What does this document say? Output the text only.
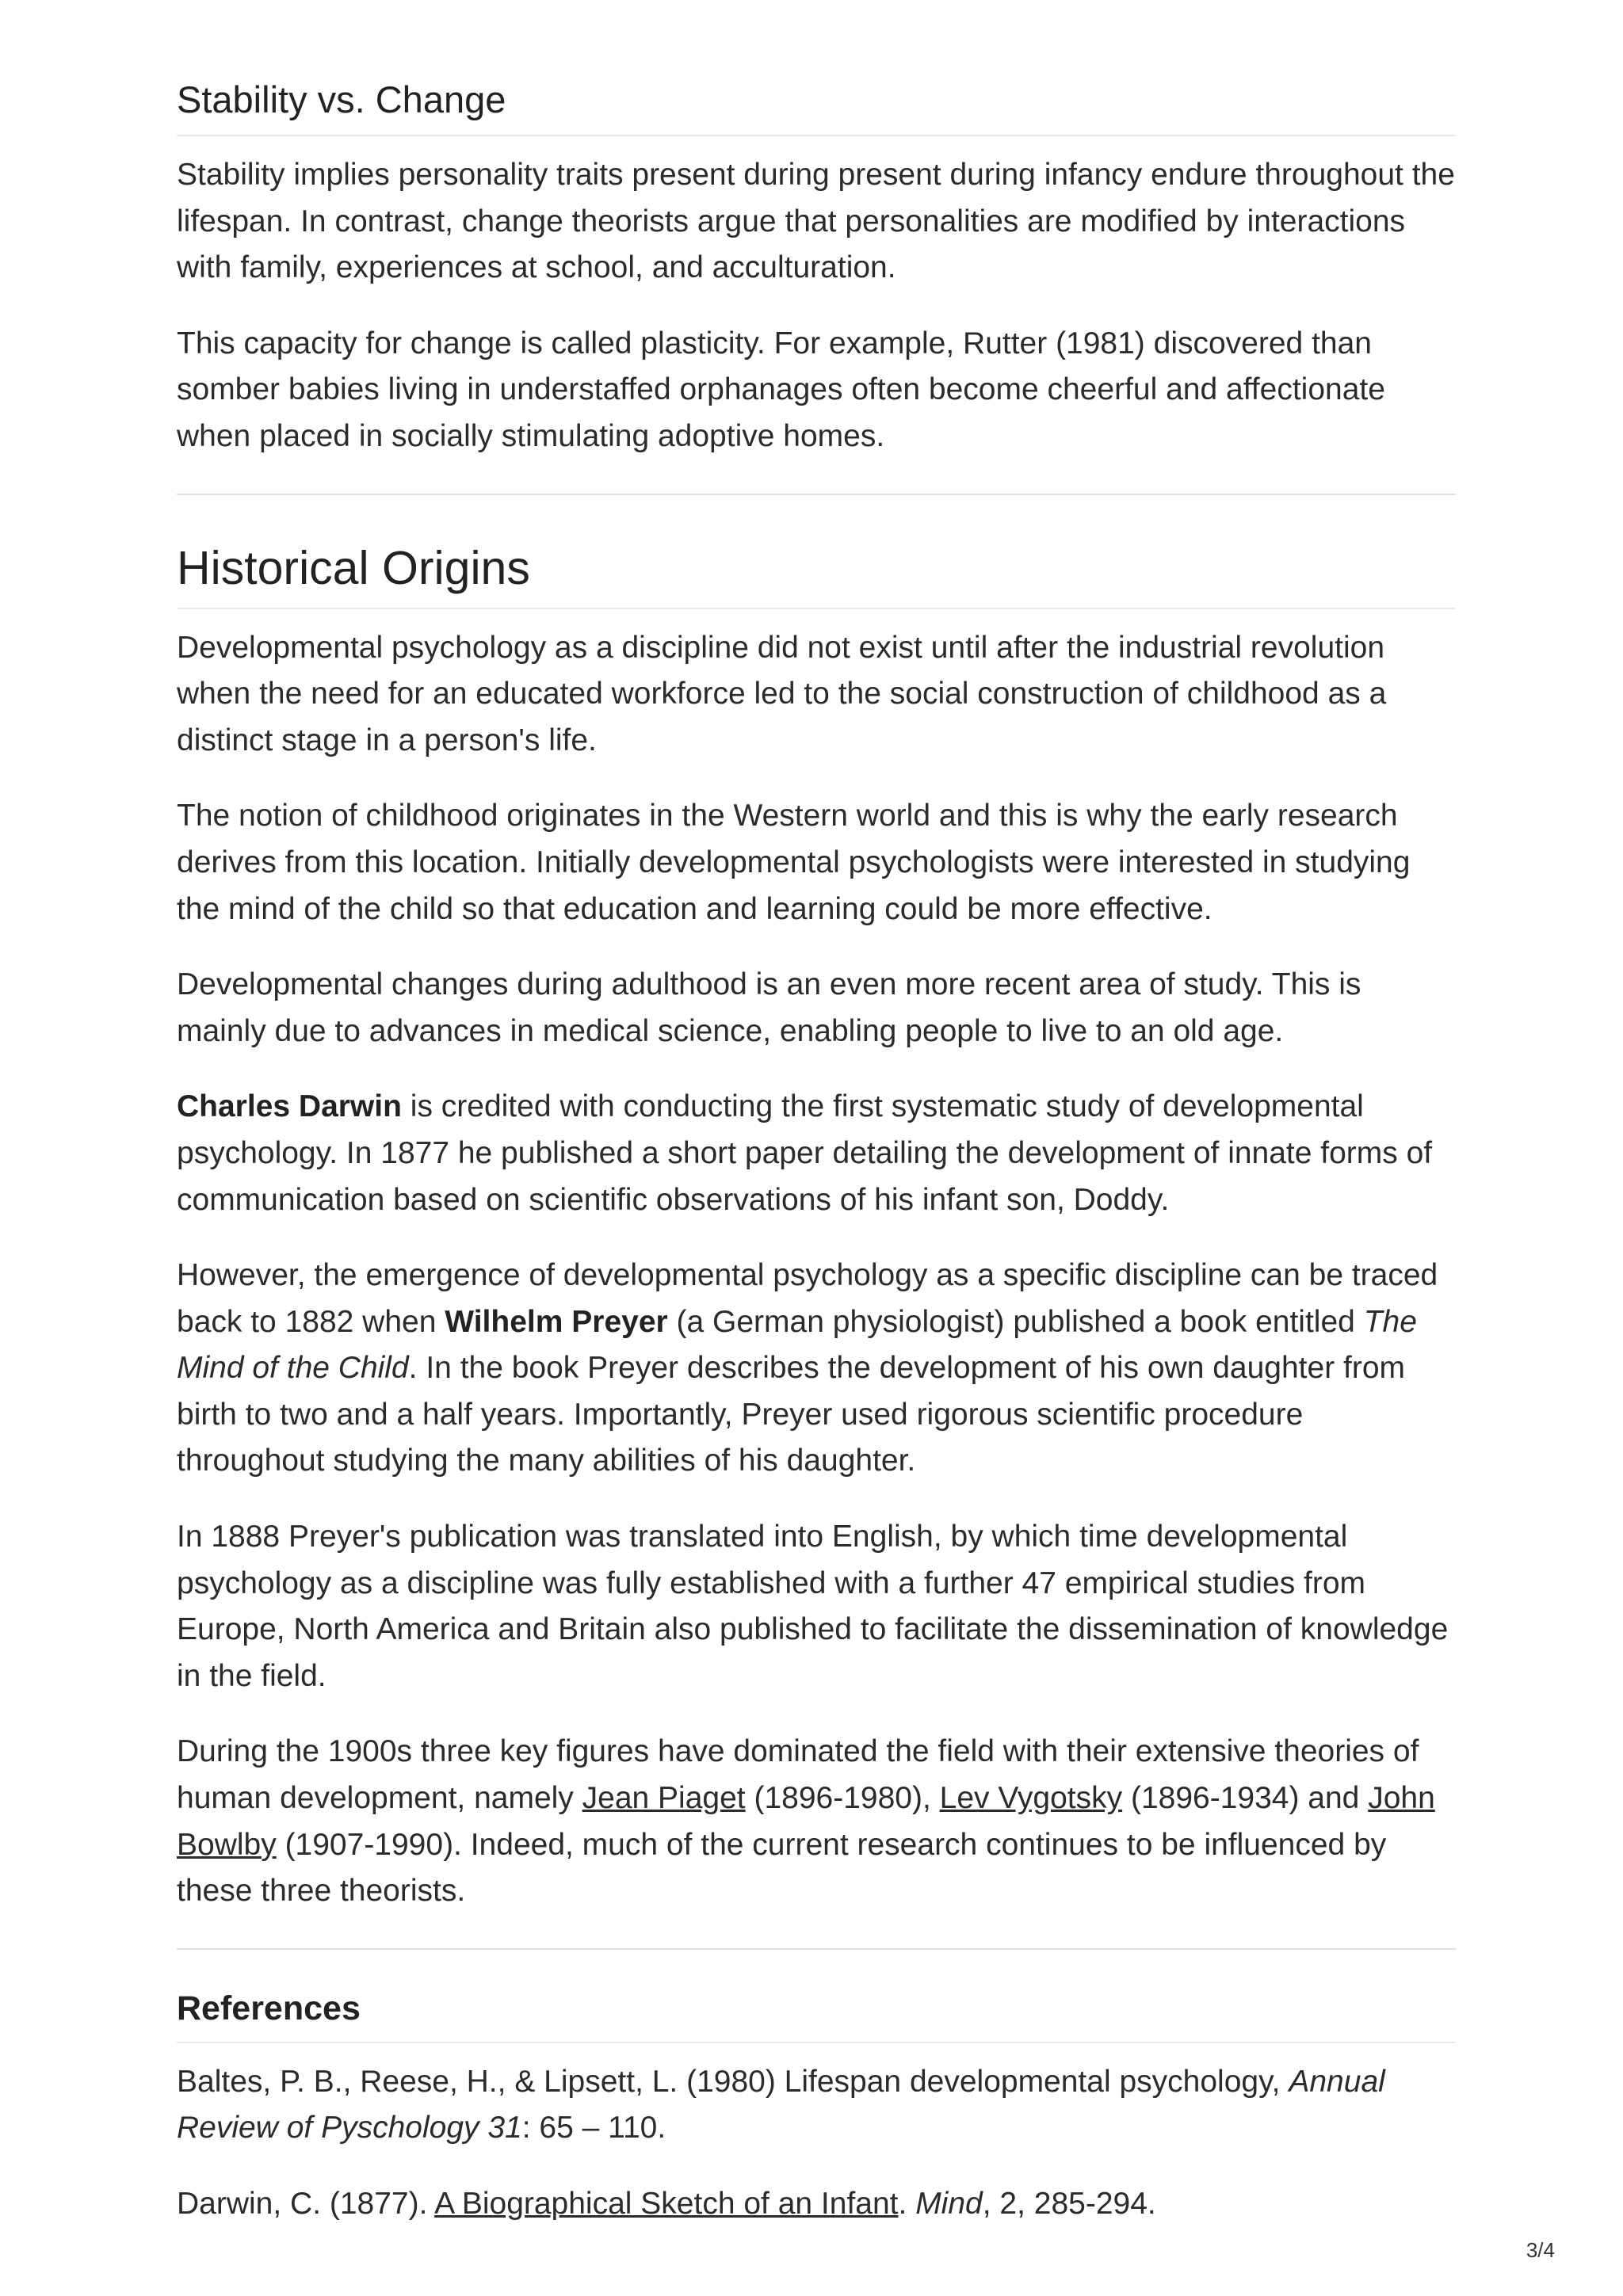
Stability vs. Change

Stability implies personality traits present during present during infancy endure throughout the lifespan. In contrast, change theorists argue that personalities are modified by interactions with family, experiences at school, and acculturation.

This capacity for change is called plasticity. For example, Rutter (1981) discovered than somber babies living in understaffed orphanages often become cheerful and affectionate when placed in socially stimulating adoptive homes.

Historical Origins

Developmental psychology as a discipline did not exist until after the industrial revolution when the need for an educated workforce led to the social construction of childhood as a distinct stage in a person's life.

The notion of childhood originates in the Western world and this is why the early research derives from this location. Initially developmental psychologists were interested in studying the mind of the child so that education and learning could be more effective.

Developmental changes during adulthood is an even more recent area of study. This is mainly due to advances in medical science, enabling people to live to an old age.

Charles Darwin is credited with conducting the first systematic study of developmental psychology. In 1877 he published a short paper detailing the development of innate forms of communication based on scientific observations of his infant son, Doddy.

However, the emergence of developmental psychology as a specific discipline can be traced back to 1882 when Wilhelm Preyer (a German physiologist) published a book entitled The Mind of the Child. In the book Preyer describes the development of his own daughter from birth to two and a half years. Importantly, Preyer used rigorous scientific procedure throughout studying the many abilities of his daughter.

In 1888 Preyer's publication was translated into English, by which time developmental psychology as a discipline was fully established with a further 47 empirical studies from Europe, North America and Britain also published to facilitate the dissemination of knowledge in the field.

During the 1900s three key figures have dominated the field with their extensive theories of human development, namely Jean Piaget (1896-1980), Lev Vygotsky (1896-1934) and John Bowlby (1907-1990). Indeed, much of the current research continues to be influenced by these three theorists.

References

Baltes, P. B., Reese, H., & Lipsett, L. (1980) Lifespan developmental psychology, Annual Review of Pyschology 31: 65 – 110.

Darwin, C. (1877). A Biographical Sketch of an Infant. Mind, 2, 285-294.

3/4
